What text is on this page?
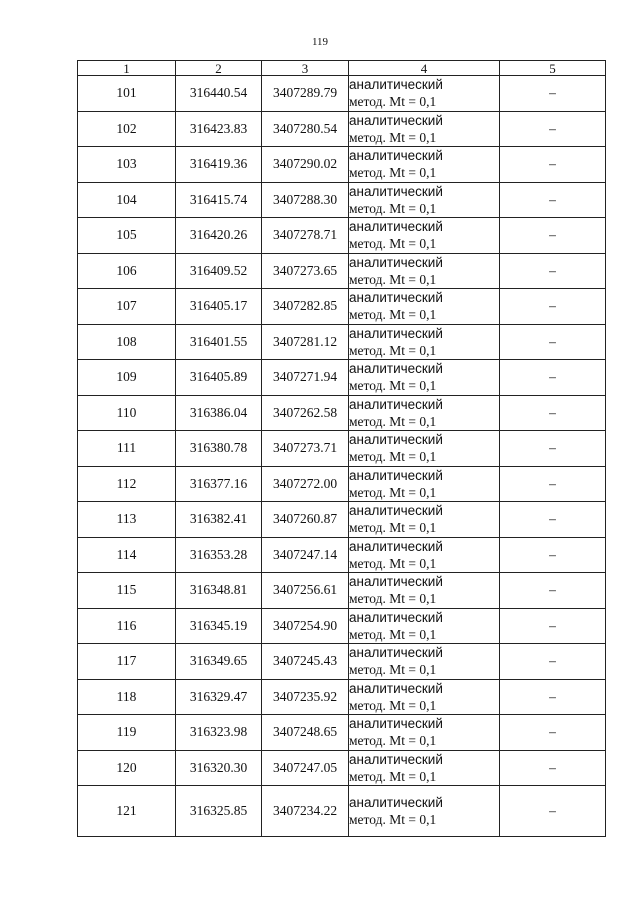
119
1	2	3	4	5
101	316440.54	3407289.79	аналитический
метод. Mt = 0,1	–
102	316423.83	3407280.54	аналитический
метод. Mt = 0,1	–
103	316419.36	3407290.02	аналитический
метод. Mt = 0,1	–
104	316415.74	3407288.30	аналитический
метод. Mt = 0,1	–
105	316420.26	3407278.71	аналитический
метод. Mt = 0,1	–
106	316409.52	3407273.65	аналитический
метод. Mt = 0,1	–
107	316405.17	3407282.85	аналитический
метод. Mt = 0,1	–
108	316401.55	3407281.12	аналитический
метод. Mt = 0,1	–
109	316405.89	3407271.94	аналитический
метод. Mt = 0,1	–
110	316386.04	3407262.58	аналитический
метод. Mt = 0,1	–
111	316380.78	3407273.71	аналитический
метод. Mt = 0,1	–
112	316377.16	3407272.00	аналитический
метод. Mt = 0,1	–
113	316382.41	3407260.87	аналитический
метод. Mt = 0,1	–
114	316353.28	3407247.14	аналитический
метод. Mt = 0,1	–
115	316348.81	3407256.61	аналитический
метод. Mt = 0,1	–
116	316345.19	3407254.90	аналитический
метод. Mt = 0,1	–
117	316349.65	3407245.43	аналитический
метод. Mt = 0,1	–
118	316329.47	3407235.92	аналитический
метод. Mt = 0,1	–
119	316323.98	3407248.65	аналитический
метод. Mt = 0,1	–
120	316320.30	3407247.05	аналитический
метод. Mt = 0,1	–
121	316325.85	3407234.22	аналитический
метод. Mt = 0,1	–
